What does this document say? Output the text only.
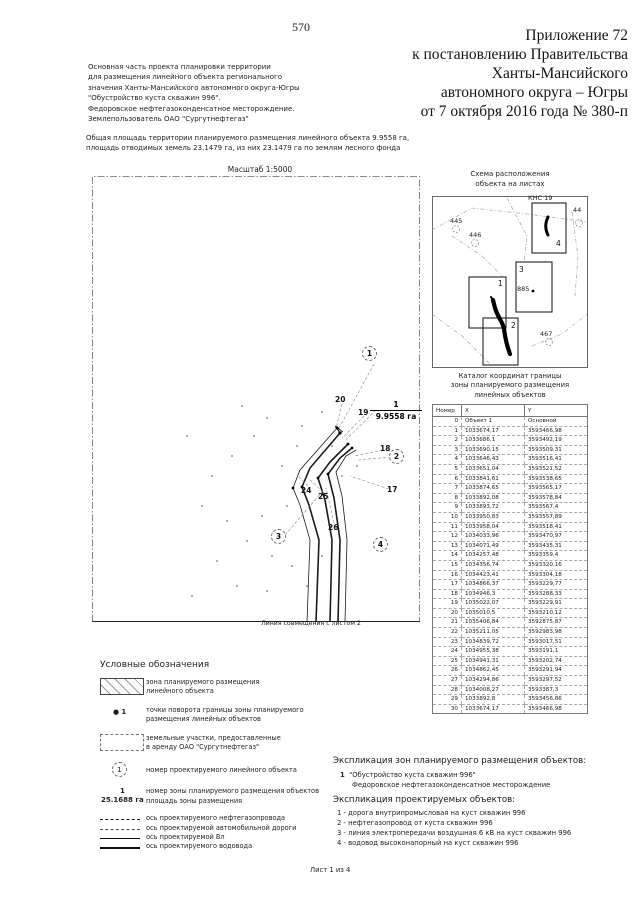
570	Приложение 72
к постановлению Правительства
Ханты-Мансийского
автономного округа – Югры
от 7 октября 2016 года № 380-п
Основная часть проекта планировки территории
для размещения линейного объекта регионального
значения Ханты-Мансийского автономного округа-Югры
"Обустройство куста скважин 996".
Федоровское нефтегазоконденсатное месторождение.
Землепользователь ОАО "Сургутнефтегаз"
Общая площадь территории планируемого размещения линейного объекта 9.9558 га,
площадь отводимых земель 23.1479 га, из них 23.1479 га по землям лесного фонда
Масштаб 1:5000
1
2
3
4
20
19
18
17
24
25
26
1
9.9558 га
Линия совмещения с листом 2
Схема расположения
объекта на листах
КНС 19
44
445
446
885
467
1
2
3
4
Каталог координат границы
зоны планируемого размещения
линейных объектов
Номер	X	Y
0	Объект 1	Основной
1	1033674,17	3593466,98
2	1033686,1	3593492,19
3	1033690,15	3593509,31
4	1033646,43	3593516,41
5	1033651,04	3593521,52
6	1033841,61	3593538,65
7	1033874,65	3593565,17
8	1033892,08	3593578,84
9	1033893,72	3593567,4
10	1033950,83	3593557,89
11	1033958,04	3593518,41
12	1034033,96	3593470,97
13	1034071,49	3593435,31
14	1034257,48	3593359,4
15	1034356,74	3593320,16
16	1034423,41	3593304,18
17	1034866,37	3593229,77
18	1034946,3	3593288,33
19	1035022,07	3593229,91
20	1035010,5	3593210,12
21	1035406,84	3592875,87
22	1035211,05	3592983,98
23	1034839,72	3593017,51
24	1034955,38	3593191,1
25	1034941,31	3593202,74
26	1034862,45	3593291,94
27	1034294,86	3593297,52
28	1034008,27	3593387,3
29	1033892,8	3593456,86
30	1033674,17	3593466,98
Условные обозначения
зона планируемого размещения
линейного объекта
● 1	точки поворота границы зоны планируемого
размещения линейных объектов
земельные участки, предоставленные
в аренду ОАО "Сургутнефтегаз"
1	номер проектируемого линейного объекта
1	номер зоны планируемого размещения объектов
25.1688 га площадь зоны размещения
ось проектируемого нефтегазопровода
ось проектируемой автомобильной дороги
ось проектируемой Вл
ось проектируемого водовода
Экспликация зон планируемого размещения объектов:
1 "Обустройство куста скважин 996"
Федоровское нефтегазоконденсатное месторождение
Экспликация проектируемых объектов:
1 - дорога внутрипромысловая на куст скважин 996
2 - нефтегазопровод от куста скважин 996
3 - линия электропередачи воздушная 6 кВ на куст скважин 996
4 - водовод высоконапорный на куст скважин 996
Лист 1 из 4
